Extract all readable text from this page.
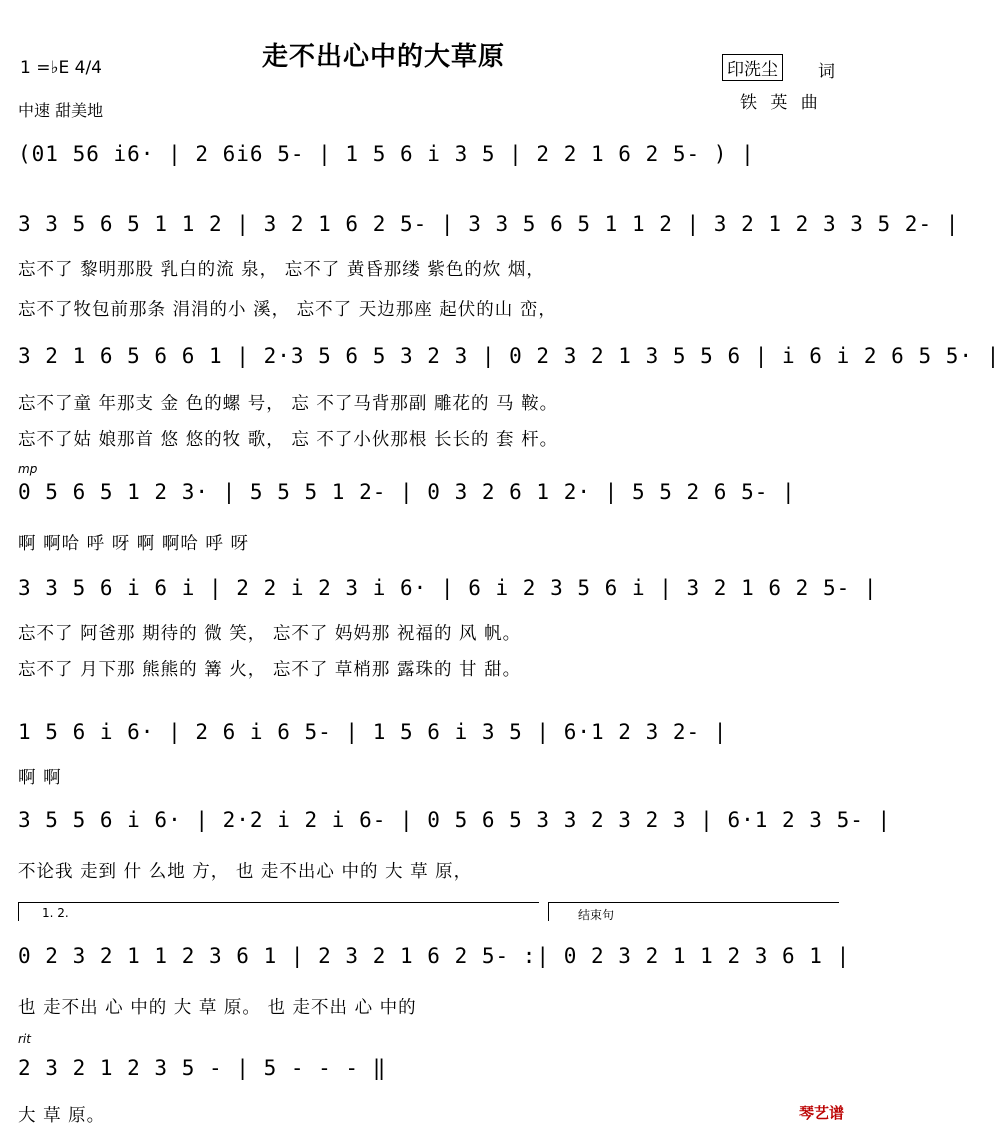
走不出心中的大草原
1 =♭E 4/4
中速 甜美地
印洗尘 词
铁 英 曲
(01 56 i6· | 2 6i6 5- | 1 5 6 i 3 5 | 2 2 1 6 2 5- ) |
3 3 5 6 5 1 1 2 | 3 2 1 6 2 5- | 3 3 5 6 5 1 1 2 | 3 2 1 2 3 3 5 2- |
忘不了 黎明那股 乳白的流 泉， 忘不了 黄昏那缕 紫色的炊 烟，
忘不了牧包前那条 涓涓的小 溪， 忘不了 天边那座 起伏的山 峦，
3 2 1 6 5 6 6 1 | 2·3 5 6 5 3 2 3 | 0 2 3 2 1 3 5 5 6 | i 6 i 2 6 5 5· |
忘不了童 年那支 金 色的螺 号， 忘 不了马背那副 雕花的 马 鞍。
忘不了姑 娘那首 悠 悠的牧 歌， 忘 不了小伙那根 长长的 套 杆。
mp
0 5 6 5 1 2 3· | 5 5 5 1 2- | 0 3 2 6 1 2· | 5 5 2 6 5- |
啊 啊哈 呼 呀 啊 啊哈 呼 呀
3 3 5 6 i 6 i | 2 2 i 2 3 i 6· | 6 i 2 3 5 6 i | 3 2 1 6 2 5- |
忘不了 阿爸那 期待的 微 笑， 忘不了 妈妈那 祝福的 风 帆。
忘不了 月下那 熊熊的 篝 火， 忘不了 草梢那 露珠的 甘 甜。
1 5 6 i 6· | 2 6 i 6 5- | 1 5 6 i 3 5 | 6·1 2 3 2- |
啊 啊
3 5 5 6 i 6· | 2·2 i 2 i 6- | 0 5 6 5 3 3 2 3 2 3 | 6·1 2 3 5- |
不论我 走到 什 么地 方， 也 走不出心 中的 大 草 原，
1. 2.	结束句
0 2 3 2 1 1 2 3 6 1 | 2 3 2 1 6 2 5- :| 0 2 3 2 1 1 2 3 6 1 |
也 走不出 心 中的 大 草 原。 也 走不出 心 中的
rit
2 3 2 1 2 3 5 - | 5 - - - ‖
大 草 原。	琴艺谱
